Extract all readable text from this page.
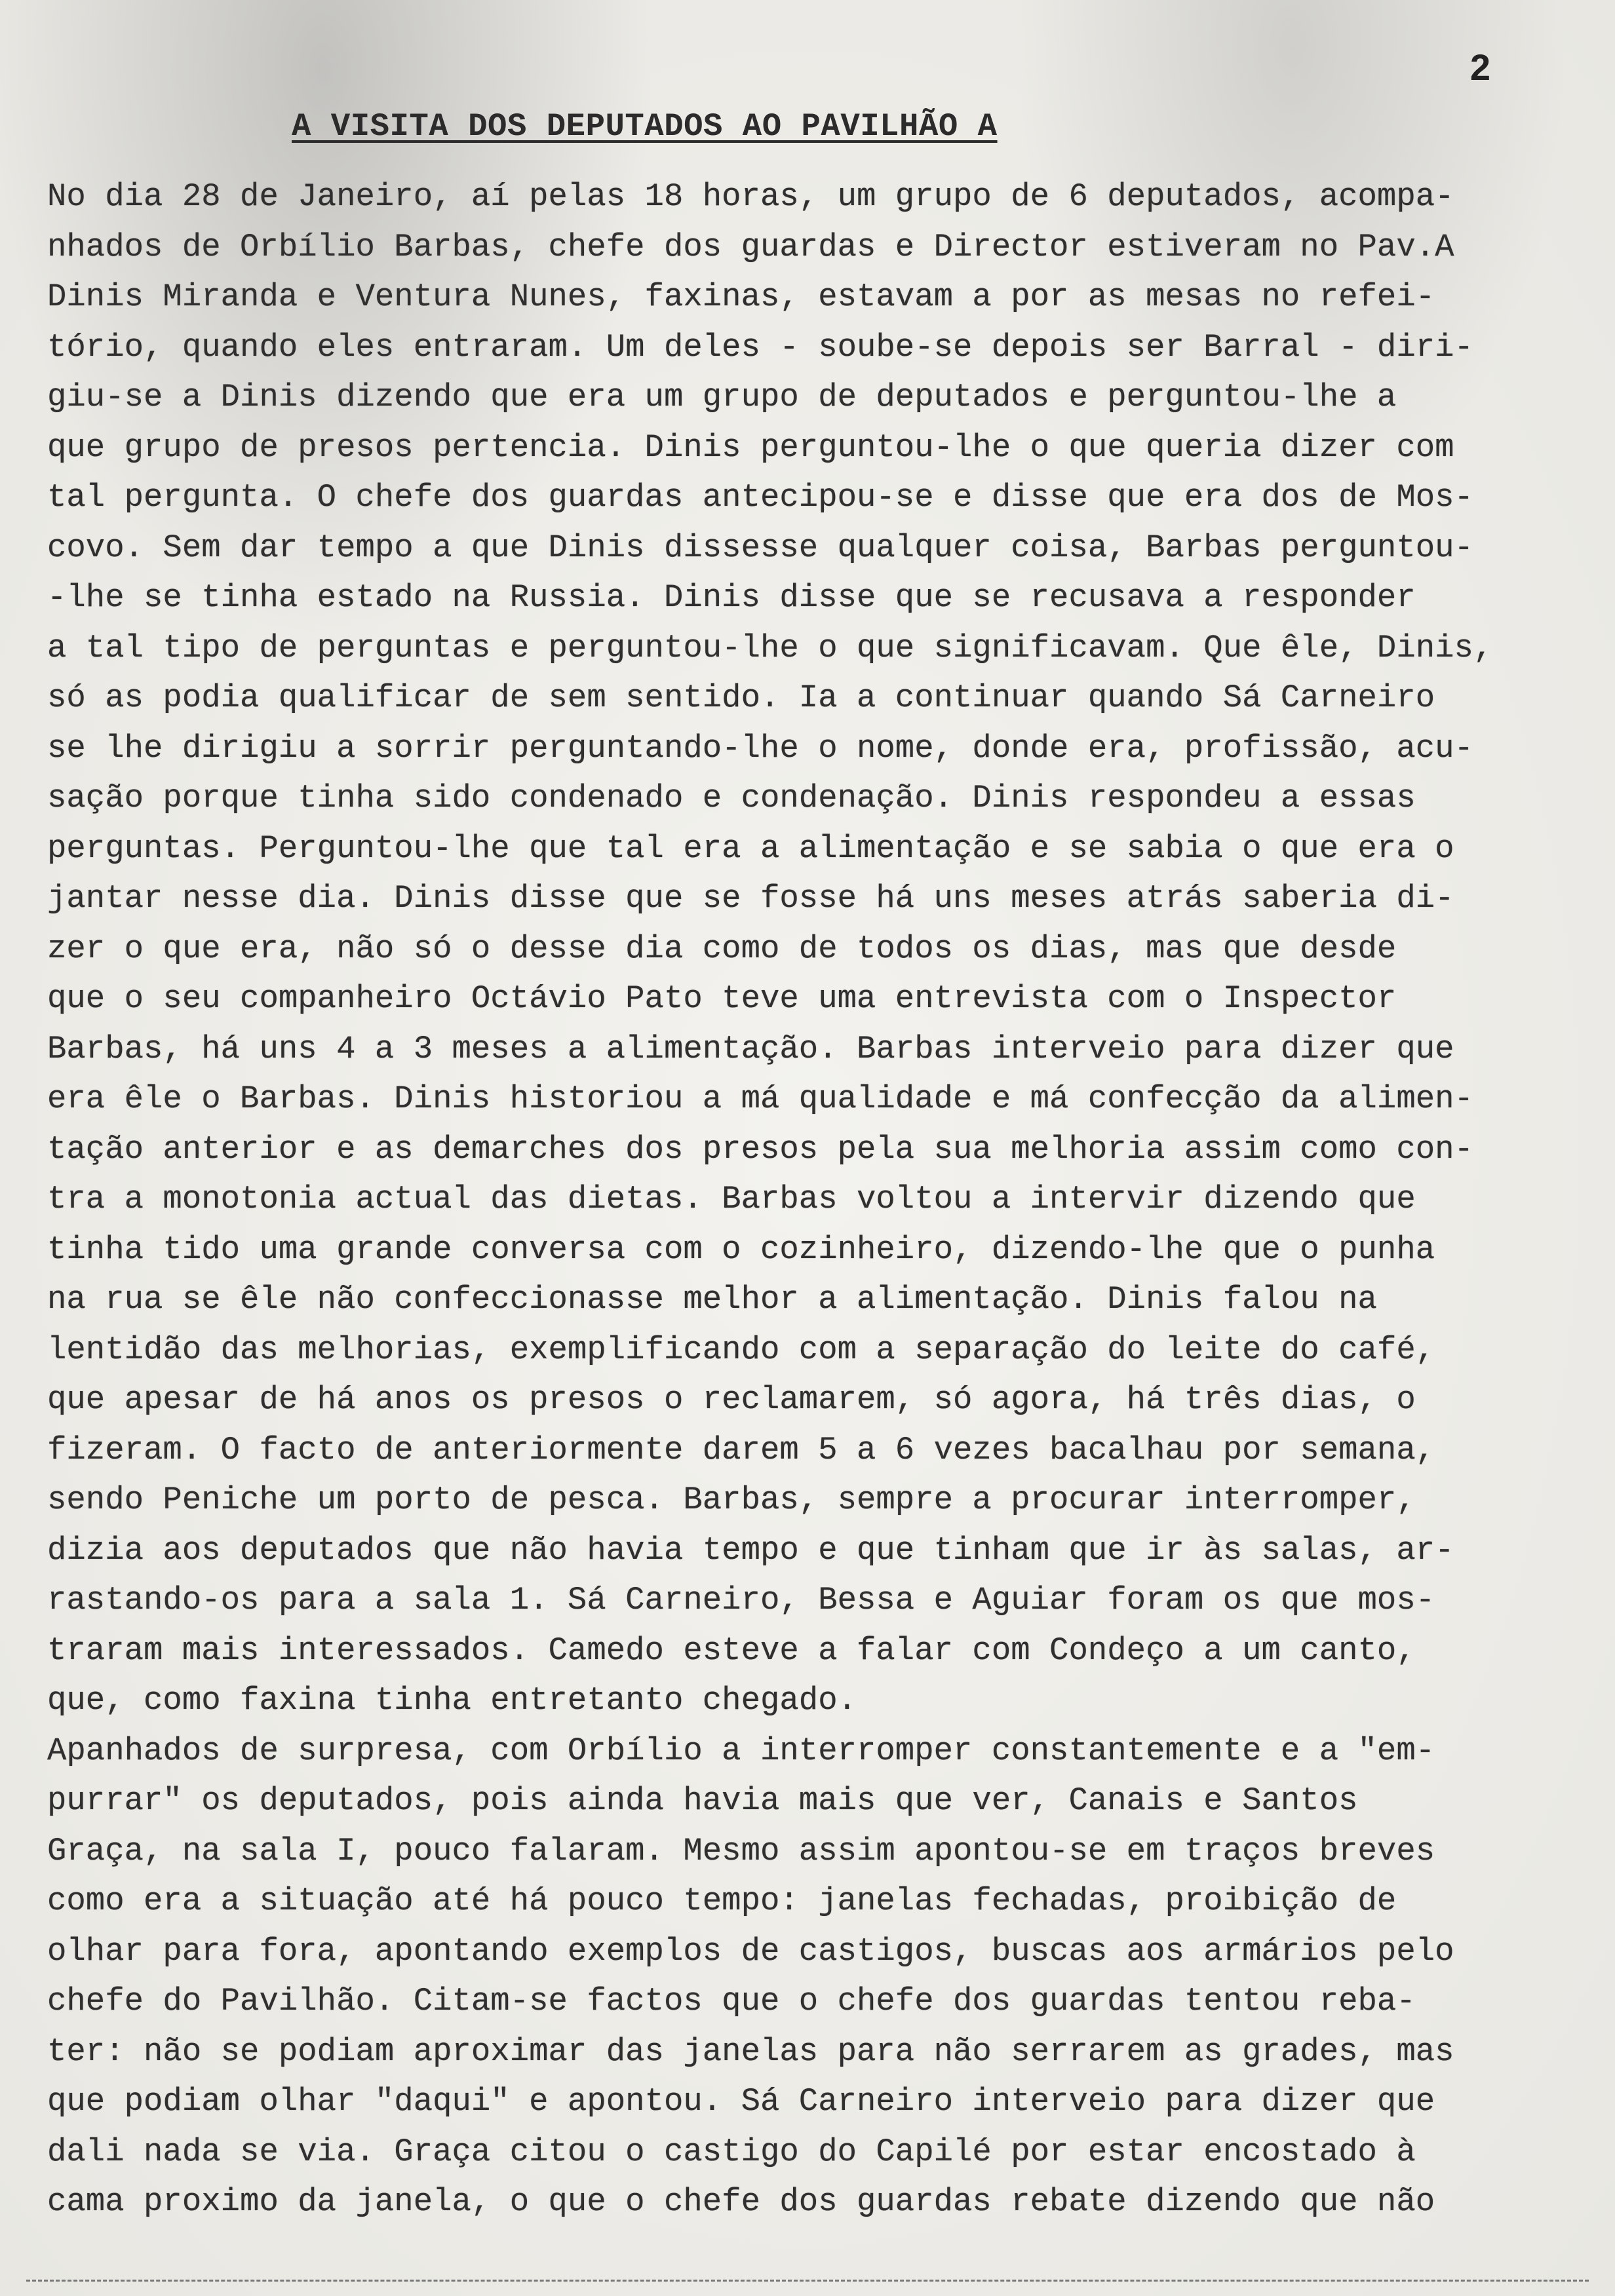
2
A VISITA DOS DEPUTADOS AO PAVILHÃO A
No dia 28 de Janeiro, aí pelas 18 horas, um grupo de 6 deputados, acompa-
nhados de Orbílio Barbas, chefe dos guardas e Director estiveram no Pav.A
Dinis Miranda e Ventura Nunes, faxinas, estavam a por as mesas no refei-
tório, quando eles entraram. Um deles - soube-se depois ser Barral - diri-
giu-se a Dinis dizendo que era um grupo de deputados e perguntou-lhe a
que grupo de presos pertencia. Dinis perguntou-lhe o que queria dizer com
tal pergunta. O chefe dos guardas antecipou-se e disse que era dos de Mos-
covo. Sem dar tempo a que Dinis dissesse qualquer coisa, Barbas perguntou-
-lhe se tinha estado na Russia. Dinis disse que se recusava a responder
a tal tipo de perguntas e perguntou-lhe o que significavam. Que êle, Dinis,
só as podia qualificar de sem sentido. Ia a continuar quando Sá Carneiro
se lhe dirigiu a sorrir perguntando-lhe o nome, donde era, profissão, acu-
sação porque tinha sido condenado e condenação. Dinis respondeu a essas
perguntas. Perguntou-lhe que tal era a alimentação e se sabia o que era o
jantar nesse dia. Dinis disse que se fosse há uns meses atrás saberia di-
zer o que era, não só o desse dia como de todos os dias, mas que desde
que o seu companheiro Octávio Pato teve uma entrevista com o Inspector
Barbas, há uns 4 a 3 meses a alimentação. Barbas interveio para dizer que
era êle o Barbas. Dinis historiou a má qualidade e má confecção da alimen-
tação anterior e as demarches dos presos pela sua melhoria assim como con-
tra a monotonia actual das dietas. Barbas voltou a intervir dizendo que
tinha tido uma grande conversa com o cozinheiro, dizendo-lhe que o punha
na rua se êle não confeccionasse melhor a alimentação. Dinis falou na
lentidão das melhorias, exemplificando com a separação do leite do café,
que apesar de há anos os presos o reclamarem, só agora, há três dias, o
fizeram. O facto de anteriormente darem 5 a 6 vezes bacalhau por semana,
sendo Peniche um porto de pesca. Barbas, sempre a procurar interromper,
dizia aos deputados que não havia tempo e que tinham que ir às salas, ar-
rastando-os para a sala 1. Sá Carneiro, Bessa e Aguiar foram os que mos-
traram mais interessados. Camedo esteve a falar com Condeço a um canto,
que, como faxina tinha entretanto chegado.
Apanhados de surpresa, com Orbílio a interromper constantemente e a "em-
purrar" os deputados, pois ainda havia mais que ver, Canais e Santos
Graça, na sala I, pouco falaram. Mesmo assim apontou-se em traços breves
como era a situação até há pouco tempo: janelas fechadas, proibição de
olhar para fora, apontando exemplos de castigos, buscas aos armários pelo
chefe do Pavilhão. Citam-se factos que o chefe dos guardas tentou reba-
ter: não se podiam aproximar das janelas para não serrarem as grades, mas
que podiam olhar "daqui" e apontou. Sá Carneiro interveio para dizer que
dali nada se via. Graça citou o castigo do Capilé por estar encostado à
cama proximo da janela, o que o chefe dos guardas rebate dizendo que não
